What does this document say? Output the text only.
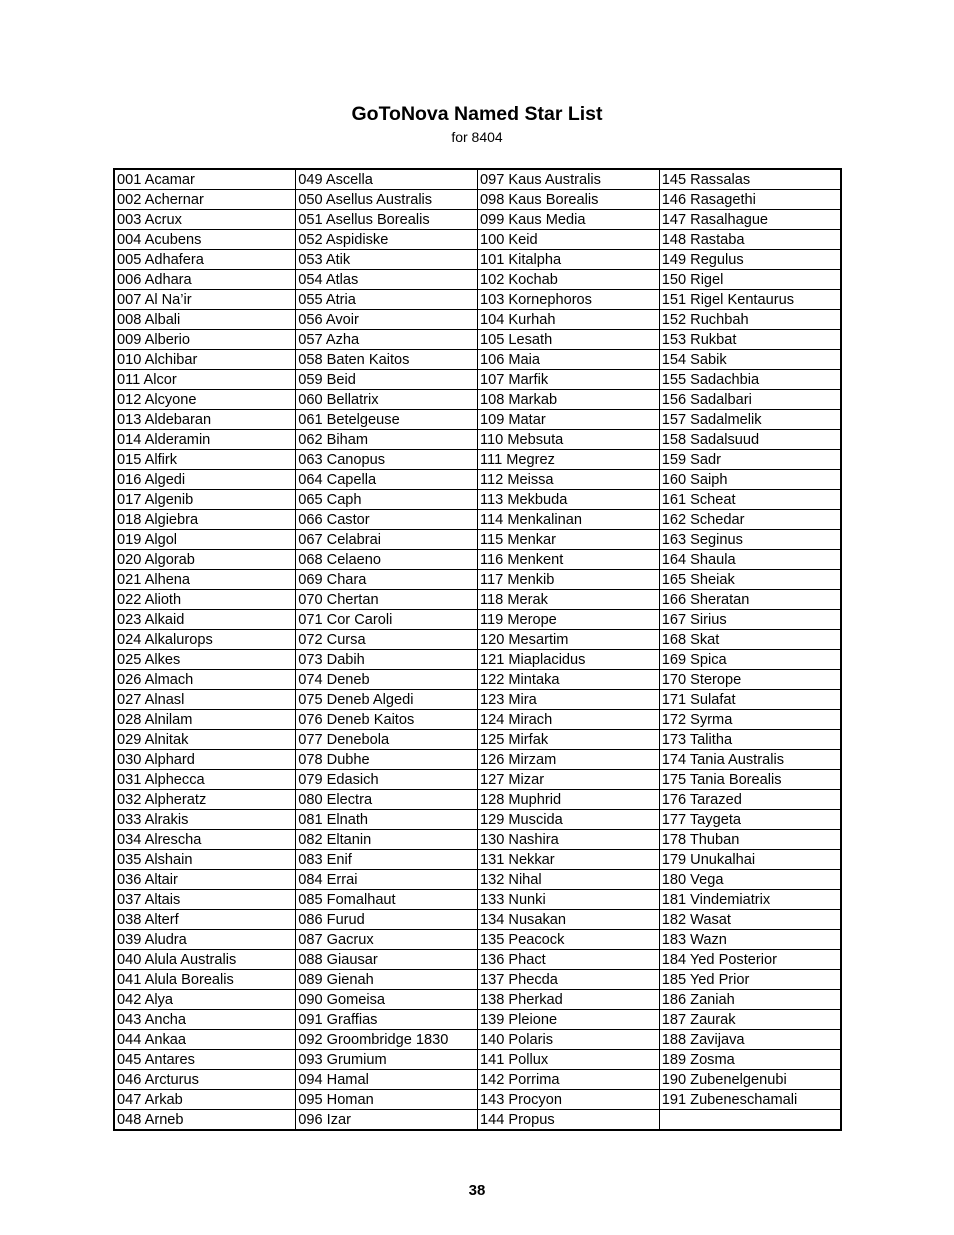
GoToNova Named Star List
for 8404
001 Acamar	049 Ascella	097 Kaus Australis	145 Rassalas
002 Achernar	050 Asellus Australis	098 Kaus Borealis	146 Rasagethi
003 Acrux	051 Asellus Borealis	099 Kaus Media	147 Rasalhague
004 Acubens	052 Aspidiske	100 Keid	148 Rastaba
005 Adhafera	053 Atik	101 Kitalpha	149 Regulus
006 Adhara	054 Atlas	102 Kochab	150 Rigel
007 Al Na’ir	055 Atria	103 Kornephoros	151 Rigel Kentaurus
008 Albali	056 Avoir	104 Kurhah	152 Ruchbah
009 Alberio	057 Azha	105 Lesath	153 Rukbat
010 Alchibar	058 Baten Kaitos	106 Maia	154 Sabik
011 Alcor	059 Beid	107 Marfik	155 Sadachbia
012 Alcyone	060 Bellatrix	108 Markab	156 Sadalbari
013 Aldebaran	061 Betelgeuse	109 Matar	157 Sadalmelik
014 Alderamin	062 Biham	110 Mebsuta	158 Sadalsuud
015 Alfirk	063 Canopus	111 Megrez	159 Sadr
016 Algedi	064 Capella	112 Meissa	160 Saiph
017 Algenib	065 Caph	113 Mekbuda	161 Scheat
018 Algiebra	066 Castor	114 Menkalinan	162 Schedar
019 Algol	067 Celabrai	115 Menkar	163 Seginus
020 Algorab	068 Celaeno	116 Menkent	164 Shaula
021 Alhena	069 Chara	117 Menkib	165 Sheiak
022 Alioth	070 Chertan	118 Merak	166 Sheratan
023 Alkaid	071 Cor Caroli	119 Merope	167 Sirius
024 Alkalurops	072 Cursa	120 Mesartim	168 Skat
025 Alkes	073 Dabih	121 Miaplacidus	169 Spica
026 Almach	074 Deneb	122 Mintaka	170 Sterope
027 Alnasl	075 Deneb Algedi	123 Mira	171 Sulafat
028 Alnilam	076 Deneb Kaitos	124 Mirach	172 Syrma
029 Alnitak	077 Denebola	125 Mirfak	173 Talitha
030 Alphard	078 Dubhe	126 Mirzam	174 Tania Australis
031 Alphecca	079 Edasich	127 Mizar	175 Tania Borealis
032 Alpheratz	080 Electra	128 Muphrid	176 Tarazed
033 Alrakis	081 Elnath	129 Muscida	177 Taygeta
034 Alrescha	082 Eltanin	130 Nashira	178 Thuban
035 Alshain	083 Enif	131 Nekkar	179 Unukalhai
036 Altair	084 Errai	132 Nihal	180 Vega
037 Altais	085 Fomalhaut	133 Nunki	181 Vindemiatrix
038 Alterf	086 Furud	134 Nusakan	182 Wasat
039 Aludra	087 Gacrux	135 Peacock	183 Wazn
040 Alula Australis	088 Giausar	136 Phact	184 Yed Posterior
041 Alula Borealis	089 Gienah	137 Phecda	185 Yed Prior
042 Alya	090 Gomeisa	138 Pherkad	186 Zaniah
043 Ancha	091 Graffias	139 Pleione	187 Zaurak
044 Ankaa	092 Groombridge 1830	140 Polaris	188 Zavijava
045 Antares	093 Grumium	141 Pollux	189 Zosma
046 Arcturus	094 Hamal	142 Porrima	190 Zubenelgenubi
047 Arkab	095 Homan	143 Procyon	191 Zubeneschamali
048 Arneb	096 Izar	144 Propus	
38
